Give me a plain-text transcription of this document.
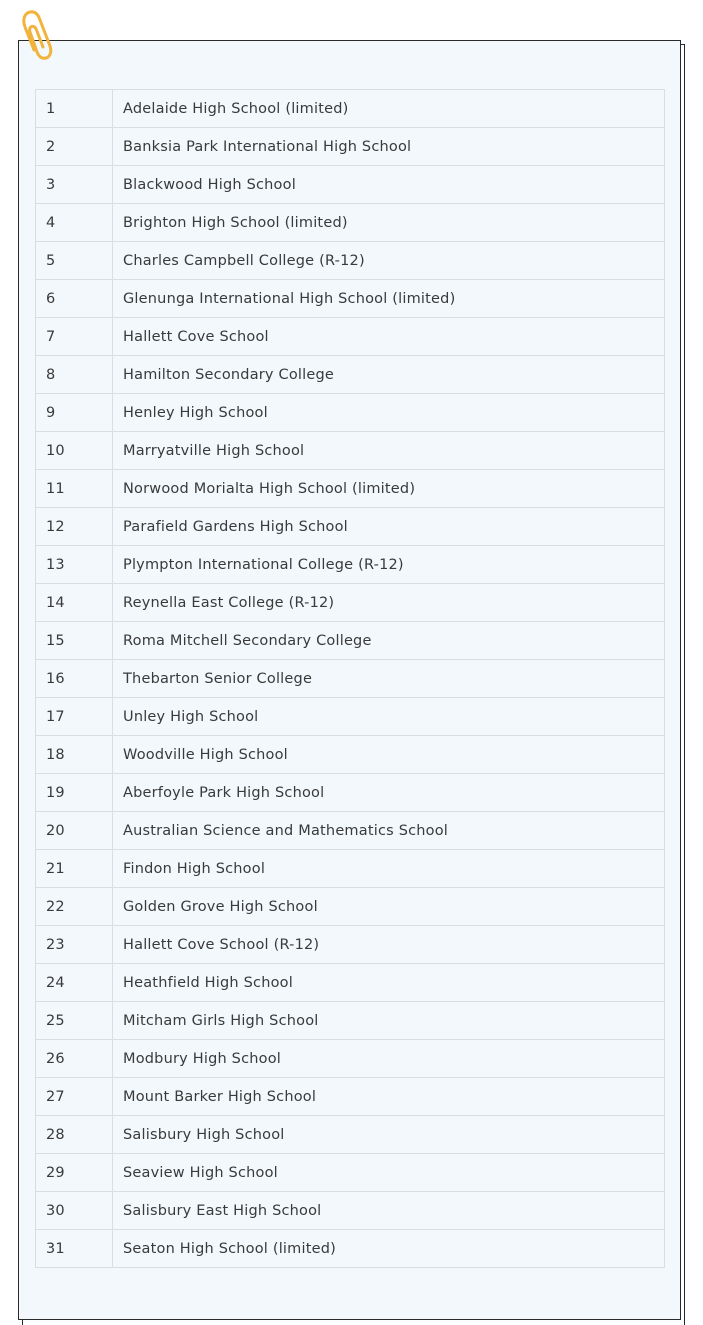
1	Adelaide High School (limited)
2	Banksia Park International High School
3	Blackwood High School
4	Brighton High School (limited)
5	Charles Campbell College (R-12)
6	Glenunga International High School (limited)
7	Hallett Cove School
8	Hamilton Secondary College
9	Henley High School
10	Marryatville High School
11	Norwood Morialta High School (limited)
12	Parafield Gardens High School
13	Plympton International College (R-12)
14	Reynella East College (R-12)
15	Roma Mitchell Secondary College
16	Thebarton Senior College
17	Unley High School
18	Woodville High School
19	Aberfoyle Park High School
20	Australian Science and Mathematics School
21	Findon High School
22	Golden Grove High School
23	Hallett Cove School (R-12)
24	Heathfield High School
25	Mitcham Girls High School
26	Modbury High School
27	Mount Barker High School
28	Salisbury High School
29	Seaview High School
30	Salisbury East High School
31	Seaton High School (limited)
